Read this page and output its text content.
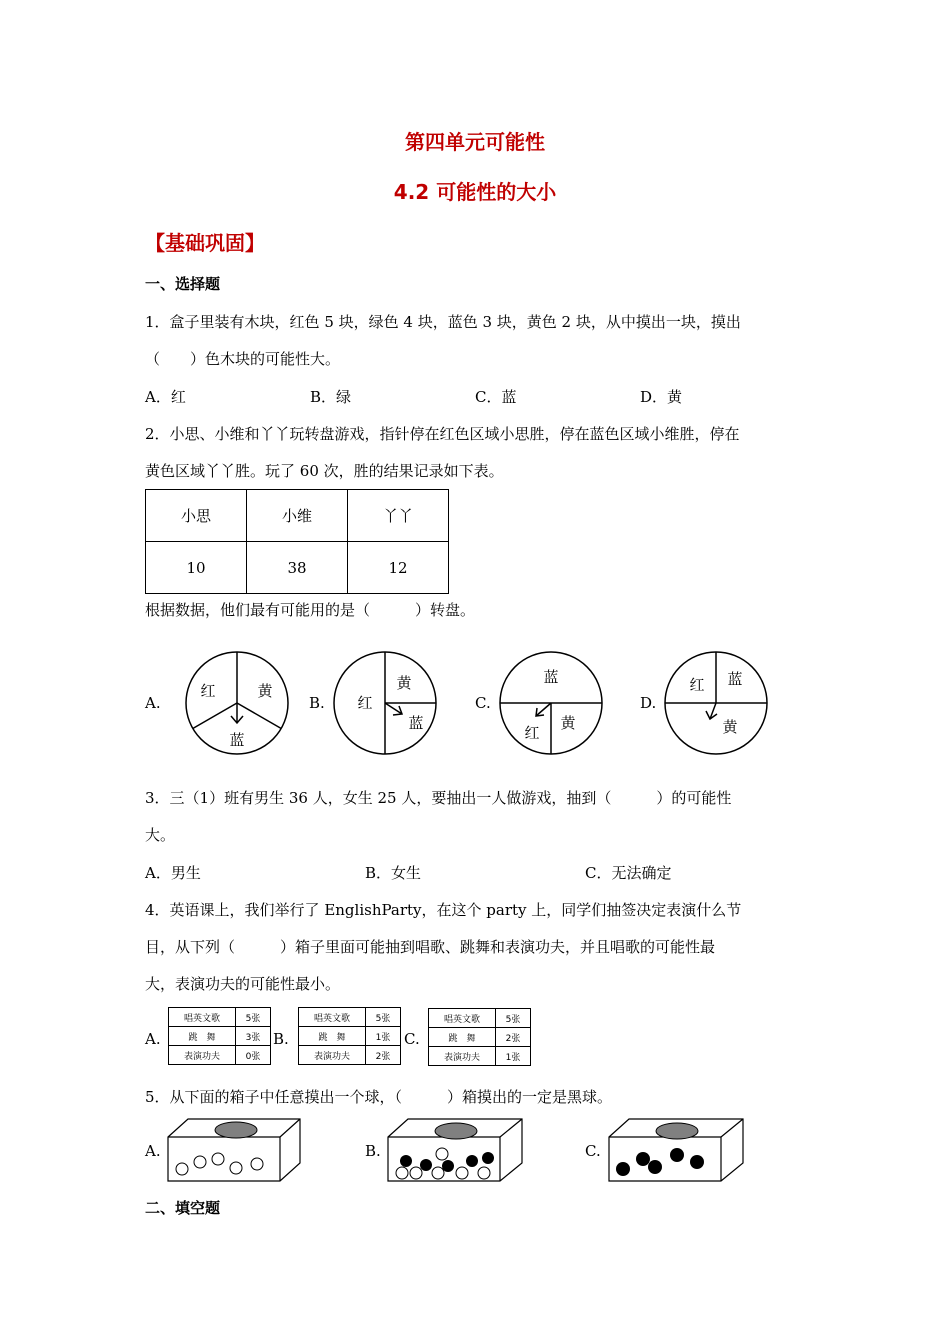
第四单元可能性
4.2 可能性的大小
【基础巩固】
一、选择题
1．盒子里装有木块，红色 5 块，绿色 4 块，蓝色 3 块，黄色 2 块，从中摸出一块，摸出
（　　）色木块的可能性大。
A．红	B．绿	C．蓝	D．黄
2．小思、小维和丫丫玩转盘游戏，指针停在红色区域小思胜，停在蓝色区域小维胜，停在
黄色区域丫丫胜。玩了 60 次，胜的结果记录如下表。
小思	小维	丫丫
10	38	12
根据数据，他们最有可能用的是（　　　）转盘。
A.	B.	C.	D.
红	黄
蓝
红
黄
蓝
蓝
红
黄
红 蓝
黄
3．三（1）班有男生 36 人，女生 25 人，要抽出一人做游戏，抽到（　　　）的可能性
大。
A．男生	B．女生	C．无法确定
4．英语课上，我们举行了 EnglishParty，在这个 party 上，同学们抽签决定表演什么节
目，从下列（　　　）箱子里面可能抽到唱歌、跳舞和表演功夫，并且唱歌的可能性最
大，表演功夫的可能性最小。
A.
唱英文歌	5张
跳　舞	3张
表演功夫	0张
B.
唱英文歌	5张
跳　舞	1张
表演功夫	2张
C.
唱英文歌	5张
跳　舞	2张
表演功夫	1张
5．从下面的箱子中任意摸出一个球，（　　　）箱摸出的一定是黑球。
A.	B.	C.
二、填空题
